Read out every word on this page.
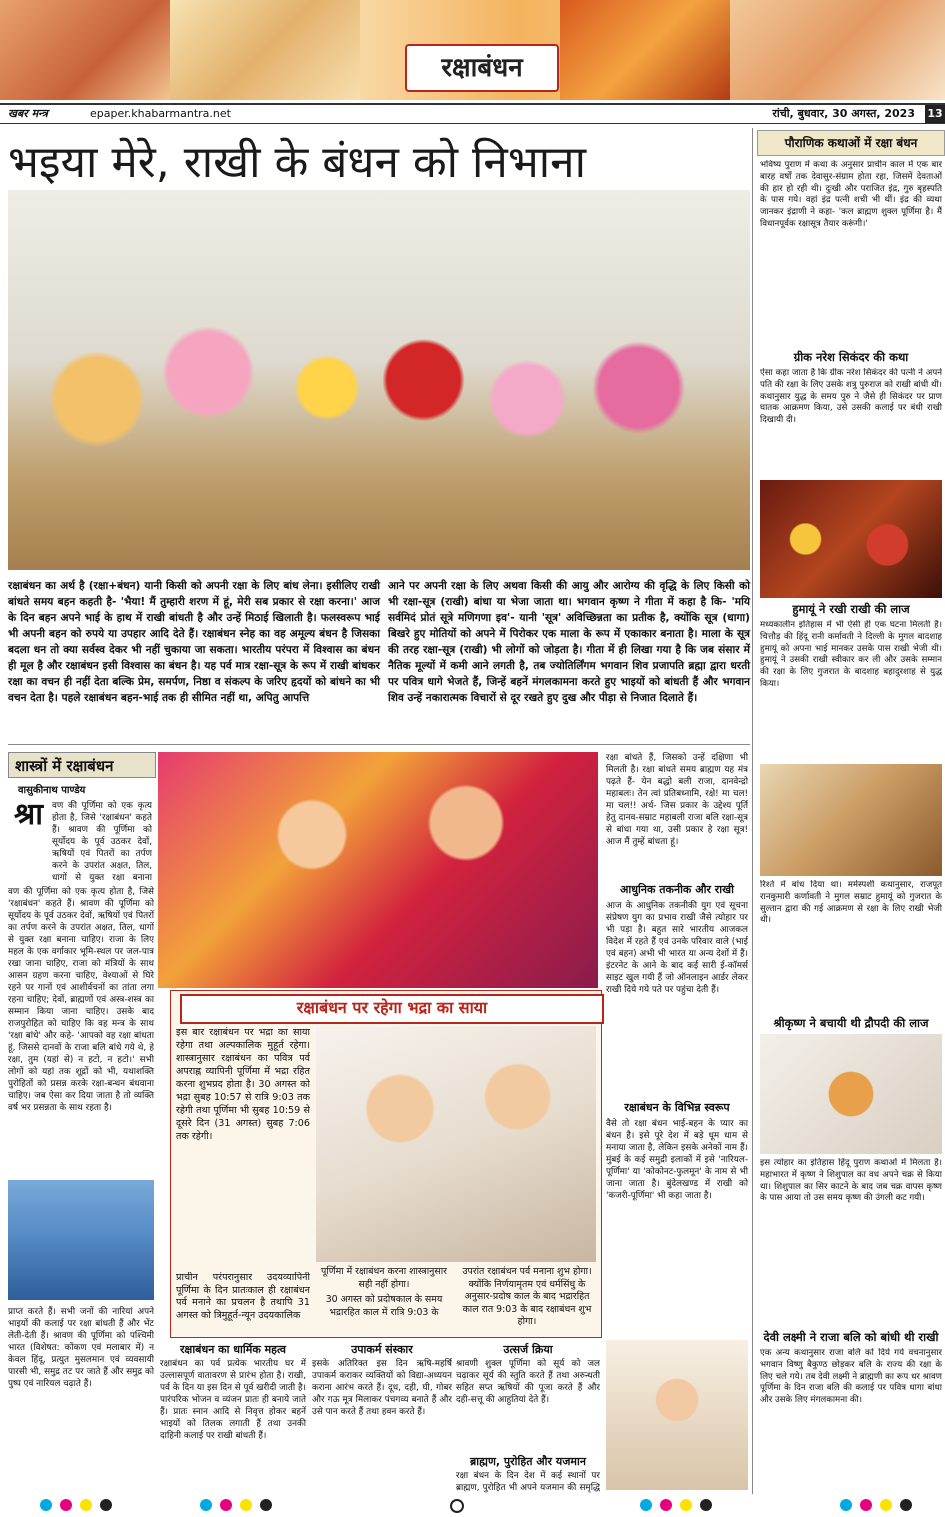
रक्षाबंधन
खबर मन्त्र	epaper.khabarmantra.net	रांची, बुधवार, 30 अगस्त, 2023 13
भइया मेरे, राखी के बंधन को निभाना
रक्षाबंधन का अर्थ है (रक्षा+बंधन) यानी किसी को अपनी रक्षा के लिए बांध लेना। इसीलिए राखी बांधते समय बहन कहती है- 'भैया! मैं तुम्हारी शरण में हूं, मेरी सब प्रकार से रक्षा करना।' आज के दिन बहन अपने भाई के हाथ में राखी बांधती है और उन्हें मिठाई खिलाती है। फलस्वरूप भाई भी अपनी बहन को रुपये या उपहार आदि देते हैं। रक्षाबंधन स्नेह का वह अमूल्य बंधन है जिसका बदला धन तो क्या सर्वस्व देकर भी नहीं चुकाया जा सकता। भारतीय परंपरा में विश्वास का बंधन ही मूल है और रक्षाबंधन इसी विश्वास का बंधन है। यह पर्व मात्र रक्षा-सूत्र के रूप में राखी बांधकर रक्षा का वचन ही नहीं देता बल्कि प्रेम, समर्पण, निष्ठा व संकल्प के जरिए हृदयों को बांधने का भी वचन देता है। पहले रक्षाबंधन बहन-भाई तक ही सीमित नहीं था, अपितु आपत्ति
आने पर अपनी रक्षा के लिए अथवा किसी की आयु और आरोग्य की वृद्धि के लिए किसी को भी रक्षा-सूत्र (राखी) बांधा या भेजा जाता था। भगवान कृष्ण ने गीता में कहा है कि- 'मयि सर्वमिदं प्रोतं सूत्रे मणिगणा इव'- यानी 'सूत्र' अविच्छिन्नता का प्रतीक है, क्योंकि सूत्र (धागा) बिखरे हुए मोतियों को अपने में पिरोकर एक माला के रूप में एकाकार बनाता है। माला के सूत्र की तरह रक्षा-सूत्र (राखी) भी लोगों को जोड़ता है। गीता में ही लिखा गया है कि जब संसार में नैतिक मूल्यों में कमी आने लगती है, तब ज्योतिर्लिंगम भगवान शिव प्रजापति ब्रह्मा द्वारा धरती पर पवित्र धागे भेजते हैं, जिन्हें बहनें मंगलकामना करते हुए भाइयों को बांधती हैं और भगवान शिव उन्हें नकारात्मक विचारों से दूर रखते हुए दुख और पीड़ा से निजात दिलाते हैं।
शास्त्रों में रक्षाबंधन
वासुकीनाथ पाण्डेय
श्रा वण की पूर्णिमा को एक कृत्य होता है, जिसे 'रक्षाबंधन' कहते हैं। श्रावण की पूर्णिमा को सूर्योदय के पूर्व उठकर देवों, ऋषियों एवं पितरों का तर्पण करने के उपरांत अक्षत, तिल, धागों से युक्त रक्षा बनाना
वण की पूर्णिमा को एक कृत्य होता है, जिसे 'रक्षाबंधन' कहते हैं। श्रावण की पूर्णिमा को सूर्योदय के पूर्व उठकर देवों, ऋषियों एवं पितरों का तर्पण करने के उपरांत अक्षत, तिल, धागों से युक्त रक्षा बनाना चाहिए। राजा के लिए महल के एक वर्गाकार भूमि-स्थल पर जल-पात्र रखा जाना चाहिए, राजा को मंत्रियों के साथ आसन ग्रहण करना चाहिए, वेश्याओं से घिरे रहने पर गानों एवं आशीर्वचनों का तांता लगा रहना चाहिए; देवों, ब्राह्मणों एवं अस्त्र-शस्त्र का सम्मान किया जाना चाहिए। उसके बाद राजपुरोहित को चाहिए कि वह मन्त्र के साथ 'रक्षा बांधे' और कहे- 'आपको वह रक्षा बांधता हूं, जिससे दानवों के राजा बलि बांधे गये थे, हे रक्षा, तुम (यहां से) न हटो, न हटो।' सभी लोगों को यहां तक शूद्रों को भी, यथाशक्ति पुरोहितों को प्रसन्न करके रक्षा-बन्धन बंधवाना चाहिए। जब ऐसा कर दिया जाता है तो व्यक्ति वर्ष भर प्रसन्नता के साथ रहता है।
रक्षा बांधते हैं, जिसको उन्हें दक्षिणा भी मिलती है। रक्षा बांधते समय ब्राह्मण यह मंत्र पढ़ते हैं- येन बद्धो बली राजा, दानवेन्द्रो महाबलः। तेन त्वां प्रतिबध्नामि, रक्षे! मा चल! मा चल!! अर्थ- जिस प्रकार के उद्देश्य पूर्ति हेतु दानव-सम्राट महाबली राजा बलि रक्षा-सूत्र से बांधा गया था, उसी प्रकार हे रक्षा सूत्र! आज मैं तुम्हें बांधता हूं।
आधुनिक तकनीक और राखी
आज के आधुनिक तकनीकी युग एवं सूचना संप्रेषण युग का प्रभाव राखी जैसे त्योहार पर भी पड़ा है। बहुत सारे भारतीय आजकल विदेश में रहते हैं एवं उनके परिवार वाले (भाई एवं बहन) अभी भी भारत या अन्य देशों में हैं। इंटरनेट के आने के बाद कई सारी ई-कॉमर्स साइट खुल गयी हैं जो ऑनलाइन आर्डर लेकर राखी दिये गये पते पर पहुंचा देती हैं।
रक्षाबंधन के विभिन्न स्वरूप
वैसे तो रक्षा बंधन भाई-बहन के प्यार का बंधन है। इसे पूरे देश में बड़े धूम धाम से मनाया जाता है, लेकिन इसके अनेकों नाम हैं। मुंबई के कई समुद्री इलाकों में इसे 'नारियल-पूर्णिमा' या 'कोकोनट-फुलमून' के नाम से भी जाना जाता है। बुंदेलखण्ड में राखी को 'कजरी-पूर्णिमा' भी कहा जाता है।
रक्षाबंधन पर रहेगा भद्रा का साया
इस बार रक्षाबंधन पर भद्रा का साया रहेगा तथा अल्पकालिक मुहूर्त रहेगा। शास्त्रानुसार रक्षाबंधन का पवित्र पर्व अपराह्न व्यापिनी पूर्णिमा में भद्रा रहित करना शुभप्रद होता है। 30 अगस्त को भद्रा सुबह 10:57 से रात्रि 9:03 तक रहेगी तथा पूर्णिमा भी सुबह 10:59 से दूसरे दिन (31 अगस्त) सुबह 7:06 तक रहेगी।
प्राचीन परंपरानुसार उदयव्यापिनी पूर्णिमा के दिन प्रातःकाल ही रक्षाबंधन पर्व मनाने का प्रचलन है तथापि 31 अगस्त को त्रिमुहूर्त-न्यून उदयकालिक
पूर्णिमा में रक्षाबंधन करना शास्त्रानुसार सही नहीं होगा।
30 अगस्त को प्रदोषकाल के समय भद्रारहित काल में रात्रि 9:03 के
उपरांत रक्षाबंधन पर्व मनाना शुभ होगा। क्योंकि निर्णयामृतम एवं धर्मसिंधु के अनुसार-प्रदोष काल के बाद भद्रारहित काल रात 9:03 के बाद रक्षाबंधन शुभ होगा।
प्राप्त करते हैं। सभी जनों की नारियां अपने भाइयों की कलाई पर रक्षा बांधती हैं और भेंट लेती-देती हैं। श्रावण की पूर्णिमा को पश्चिमी भारत (विशेषत: कोंकण एवं मलाबार में) न केवल हिंदू, प्रत्युत मुसलमान एवं व्यवसायी पारसी भी, समुद्र तट पर जाते हैं और समुद्र को पुष्प एवं नारियल चढ़ाते हैं।
रक्षाबंधन का धार्मिक महत्व
रक्षाबंधन का पर्व प्रत्येक भारतीय घर में उल्लासपूर्ण वातावरण से प्रारंभ होता है। राखी, पर्व के दिन या इस दिन से पूर्व खरीदी जाती है। पारंपरिक भोजन व व्यंजन प्रातः ही बनाये जाते हैं। प्रातः स्नान आदि से निवृत्त होकर बहनें भाइयों को तिलक लगाती हैं तथा उनकी दाहिनी कलाई पर राखी बांधती हैं।
उपाकर्म संस्कार
इसके अतिरिक्त इस दिन ऋषि-महर्षि उपाकर्म कराकर व्यक्तियों को विद्या-अध्ययन कराना आरंभ करते हैं। दूध, दही, घी, गोबर और गऊ मूत्र मिलाकर पंचगव्य बनाते हैं और उसे पान करते हैं तथा हवन करते हैं।
उत्सर्ज क्रिया
श्रावणी शुक्ल पूर्णिमा को सूर्य को जल चढ़ाकर सूर्य की स्तुति करते हैं तथा अरुन्धती सहित सप्त ऋषियों की पूजा करते हैं और दही-सत्तू की आहुतियां देते हैं।
ब्राह्मण, पुरोहित और यजमान
रक्षा बंधन के दिन देश में कई स्थानों पर ब्राह्मण, पुरोहित भी अपने यजमान की समृद्धि
पौराणिक कथाओं में रक्षा बंधन
भविष्य पुराण में कथा के अनुसार प्राचीन काल में एक बार बारह वर्षों तक देवासुर-संग्राम होता रहा, जिसमें देवताओं की हार हो रही थी। दुःखी और पराजित इंद्र, गुरु बृहस्पति के पास गये। वहां इंद्र पत्नी शची भी थीं। इंद्र की व्यथा जानकर इंद्राणी ने कहा- 'कल ब्राह्मण शुक्ल पूर्णिमा है। मैं विधानपूर्वक रक्षासूत्र तैयार करूंगी।'
ग्रीक नरेश सिकंदर की कथा
ऐसा कहा जाता है कि ग्रीक नरेश सिकंदर की पत्नी ने अपने पति की रक्षा के लिए उसके शत्रु पुरुराज को राखी बांधी थी। कथानुसार युद्ध के समय पुरु ने जैसे ही सिकंदर पर प्राण घातक आक्रमण किया, उसे उसकी कलाई पर बंधी राखी दिखायी दी।
हुमायूं ने रखी राखी की लाज
मध्यकालीन इतिहास में भी ऐसी ही एक घटना मिलती है। चित्तौड़ की हिंदू रानी कर्मावती ने दिल्ली के मुगल बादशाह हुमायूं को अपना भाई मानकर उसके पास राखी भेजी थी। हुमायूं ने उसकी राखी स्वीकार कर ली और उसके सम्मान की रक्षा के लिए गुजरात के बादशाह बहादुरशाह से युद्ध किया।
रिश्ते में बांध दिया था। मर्मस्पर्शी कथानुसार, राजपूत रानकुमारी कर्णावती ने मुगल सम्राट हुमायूं को गुजरात के सुल्तान द्वारा की गई आक्रमण से रक्षा के लिए राखी भेजी थी।
श्रीकृष्ण ने बचायी थी द्रौपदी की लाज
इस त्योहार का इतिहास हिंदू पुराण कथाओं में मिलता है। महाभारत में कृष्ण ने शिशुपाल का वध अपने चक्र से किया था। शिशुपाल का सिर काटने के बाद जब चक्र वापस कृष्ण के पास आया तो उस समय कृष्ण की उंगली कट गयी।
देवी लक्ष्मी ने राजा बलि को बांधी थी राखी
एक अन्य कथानुसार राजा बलि को दिये गये वचनानुसार भगवान विष्णु बैकुण्ठ छोड़कर बलि के राज्य की रक्षा के लिए चले गये। तब देवी लक्ष्मी ने ब्राह्मणी का रूप धर श्रावण पूर्णिमा के दिन राजा बलि की कलाई पर पवित्र धागा बांधा और उसके लिए मंगलकामना की।
